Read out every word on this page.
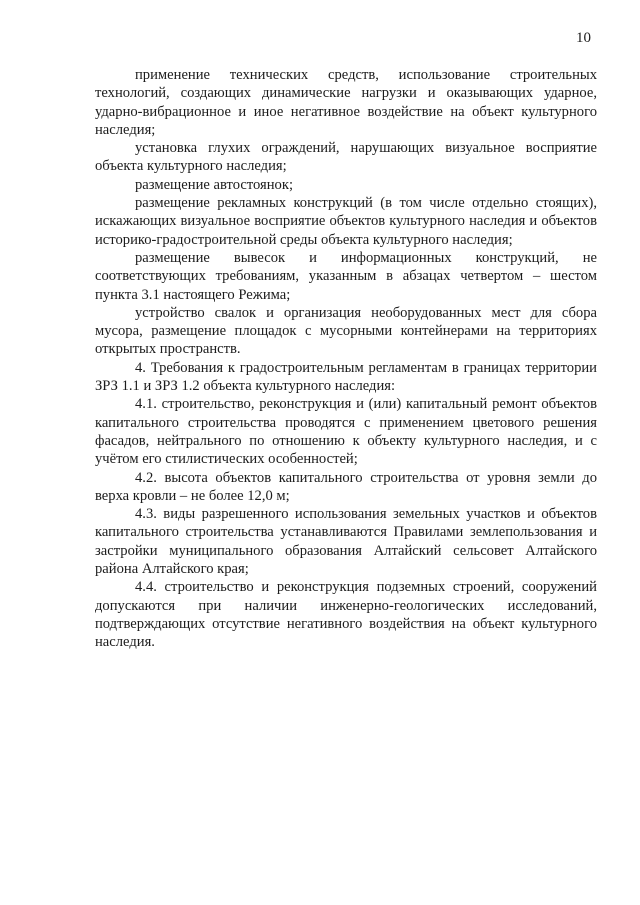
10

применение технических средств, использование строительных технологий, создающих динамические нагрузки и оказывающих ударное, ударно-вибрационное и иное негативное воздействие на объект культурного наследия;

установка глухих ограждений, нарушающих визуальное восприятие объекта культурного наследия;

размещение автостоянок;

размещение рекламных конструкций (в том числе отдельно стоящих), искажающих визуальное восприятие объектов культурного наследия и объектов историко-градостроительной среды объекта культурного наследия;

размещение вывесок и информационных конструкций, не соответствующих требованиям, указанным в абзацах четвертом – шестом пункта 3.1 настоящего Режима;

устройство свалок и организация необорудованных мест для сбора мусора, размещение площадок с мусорными контейнерами на территориях открытых пространств.

4. Требования к градостроительным регламентам в границах территории ЗРЗ 1.1 и ЗРЗ 1.2 объекта культурного наследия:

4.1. строительство, реконструкция и (или) капитальный ремонт объектов капитального строительства проводятся с применением цветового решения фасадов, нейтрального по отношению к объекту культурного наследия, и с учётом его стилистических особенностей;

4.2. высота объектов капитального строительства от уровня земли до верха кровли – не более 12,0 м;

4.3. виды разрешенного использования земельных участков и объектов капитального строительства устанавливаются Правилами землепользования и застройки муниципального образования Алтайский сельсовет Алтайского района Алтайского края;

4.4. строительство и реконструкция подземных строений, сооружений допускаются при наличии инженерно-геологических исследований, подтверждающих отсутствие негативного воздействия на объект культурного наследия.
